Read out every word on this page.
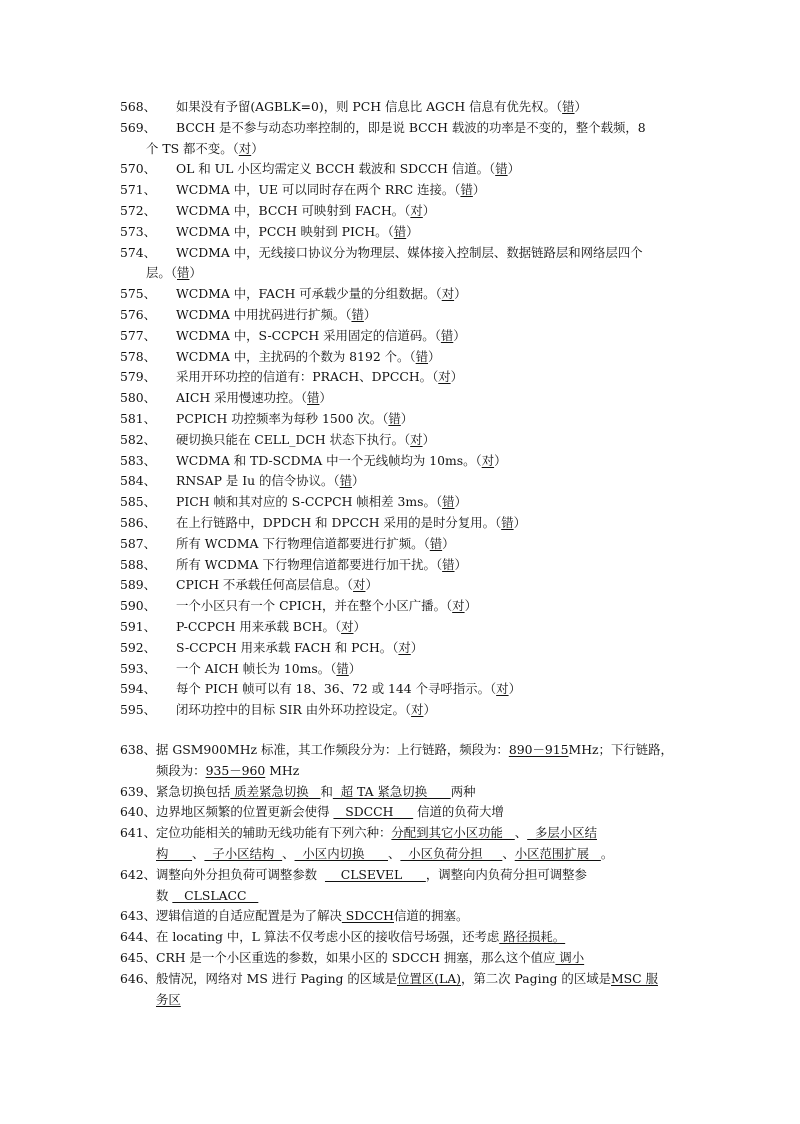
568、 如果没有予留(AGBLK=0)，则 PCH 信息比 AGCH 信息有优先权。（错）
569、 BCCH 是不参与动态功率控制的，即是说 BCCH 载波的功率是不变的，整个载频，8
个 TS 都不变。（对）
570、 OL 和 UL 小区均需定义 BCCH 载波和 SDCCH 信道。（错）
571、 WCDMA 中，UE 可以同时存在两个 RRC 连接。（错）
572、 WCDMA 中，BCCH 可映射到 FACH。（对）
573、 WCDMA 中，PCCH 映射到 PICH。（错）
574、 WCDMA 中，无线接口协议分为物理层、媒体接入控制层、数据链路层和网络层四个
层。（错）
575、 WCDMA 中，FACH 可承载少量的分组数据。（对）
576、 WCDMA 中用扰码进行扩频。（错）
577、 WCDMA 中，S-CCPCH 采用固定的信道码。（错）
578、 WCDMA 中，主扰码的个数为 8192 个。（错）
579、 采用开环功控的信道有：PRACH、DPCCH。（对）
580、 AICH 采用慢速功控。（错）
581、 PCPICH 功控频率为每秒 1500 次。（错）
582、 硬切换只能在 CELL_DCH 状态下执行。（对）
583、 WCDMA 和 TD-SCDMA 中一个无线帧均为 10ms。（对）
584、 RNSAP 是 Iu 的信令协议。（错）
585、 PICH 帧和其对应的 S-CCPCH 帧相差 3ms。（错）
586、 在上行链路中，DPDCH 和 DPCCH 采用的是时分复用。（错）
587、 所有 WCDMA 下行物理信道都要进行扩频。（错）
588、 所有 WCDMA 下行物理信道都要进行加干扰。（错）
589、 CPICH 不承载任何高层信息。（对）
590、 一个小区只有一个 CPICH，并在整个小区广播。（对）
591、 P-CCPCH 用来承载 BCH。（对）
592、 S-CCPCH 用来承载 FACH 和 PCH。（对）
593、 一个 AICH 帧长为 10ms。（错）
594、 每个 PICH 帧可以有 18、36、72 或 144 个寻呼指示。（对）
595、 闭环功控中的目标 SIR 由外环功控设定。（对）
638、 据 GSM900MHz 标准，其工作频段分为：上行链路，频段为：890－915MHz；下行链路，
频段为：935－960 MHz
639、 紧急切换包括 质差紧急切换   和  超 TA 紧急切换      两种
640、 边界地区频繁的位置更新会使得    SDCCH      信道的负荷大增
641、 定位功能相关的辅助无线功能有下列六种：分配到其它小区功能   、  多层小区结
构      、  子小区结构  、  小区内切换      、  小区负荷分担     、小区范围扩展   。
642、 调整向外分担负荷可调整参数      CLSEVEL      ，调整向内负荷分担可调整参
数    CLSLACC
643、 逻辑信道的自适应配置是为了解决 SDCCH信道的拥塞。
644、 在 locating 中，L 算法不仅考虑小区的接收信号场强，还考虑 路径损耗。
645、 CRH 是一个小区重选的参数，如果小区的 SDCCH 拥塞，那么这个值应 调小
646、 般情况，网络对 MS 进行 Paging 的区域是位置区(LA)，第二次 Paging 的区域是MSC 服
务区
